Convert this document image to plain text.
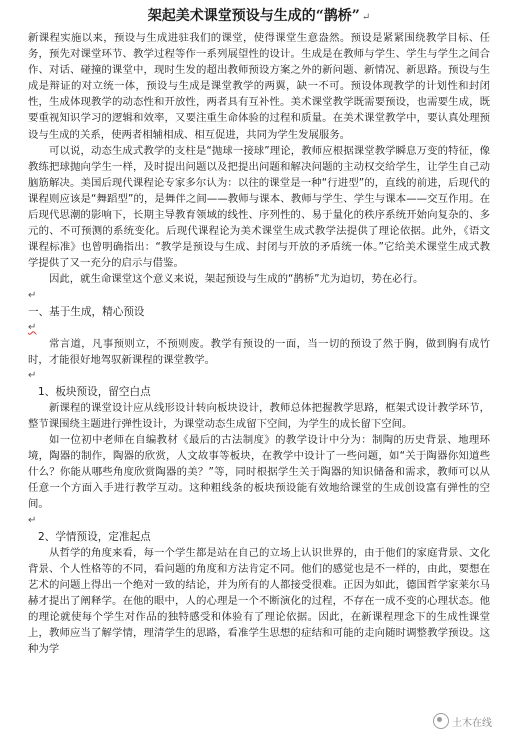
架起美术课堂预设与生成的“鹊桥” ↵

新课程实施以来，预设与生成进驻我们的课堂，使得课堂生意盎然。预设是紧紧围绕教学目标、任务，预先对课堂环节、教学过程等作一系列展望性的设计。生成是在教师与学生、学生与学生之间合作、对话、碰撞的课堂中，现时生发的超出教师预设方案之外的新问题、新情况、新思路。预设与生成是辩证的对立统一体，预设与生成是课堂教学的两翼，缺一不可。预设体现教学的计划性和封闭性，生成体现教学的动态性和开放性，两者具有互补性。美术课堂教学既需要预设，也需要生成，既要重视知识学习的逻辑和效率，又要注重生命体验的过程和质量。在美术课堂教学中，要认真处理预设与生成的关系，使两者相辅相成、相互促进，共同为学生发展服务。

可以说，动态生成式教学的支柱是“抛球一接球”理论，教师应根据课堂教学瞬息万变的特征，像教练把球抛向学生一样，及时提出问题以及把提出问题和解决问题的主动权交给学生，让学生自己动脑筋解决。美国后现代课程论专家多尔认为：以往的课堂是一种“行进型”的，直线的前进，后现代的课程则应该是“舞蹈型”的，是舞伴之间——教师与课本、教师与学生、学生与课本——交互作用。在后现代思潮的影响下，长期主导教育领域的线性、序列性的、易于量化的秩序系统开始向复杂的、多元的、不可预测的系统变化。后现代课程论为美术课堂生成式教学法提供了理论依据。此外，《语文课程标准》也曾明确指出：“教学是预设与生成、封闭与开放的矛盾统一体。”它给美术课堂生成式教学提供了又一充分的启示与借鉴。

因此，就生命课堂这个意义来说，架起预设与生成的“鹊桥”尤为迫切，势在必行。

↵

一、基于生成，精心预设

↵

常言道，凡事预则立，不预则废。教学有预设的一面，当一切的预设了然于胸，做到胸有成竹时，才能很好地驾驭新课程的课堂教学。

↵

1、板块预设，留空白点

新课程的课堂设计应从线形设计转向板块设计，教师总体把握教学思路，框架式设计教学环节，整节课围绕主题进行弹性设计，为课堂动态生成留下空间，为学生的成长留下空间。

如一位初中老师在自编教材《最后的古法制度》的教学设计中分为：制陶的历史背景、地理环境，陶器的制作，陶器的欣赏，人文故事等板块，在教学中设计了一些问题，如“关于陶器你知道些什么？你能从哪些角度欣赏陶器的美？”等，同时根据学生关于陶器的知识储备和需求，教师可以从任意一个方面入手进行教学互动。这种粗线条的板块预设能有效地给课堂的生成创设富有弹性的空间。

↵

2、学情预设，定准起点

从哲学的角度来看，每一个学生都是站在自己的立场上认识世界的，由于他们的家庭背景、文化背景、个人性格等的不同，看问题的角度和方法肯定不同。他们的感觉也是不一样的，由此，要想在艺术的问题上得出一个绝对一致的结论，并为所有的人都接受很难。正因为如此，德国哲学家莱尔马赫才提出了阐释学。在他的眼中，人的心理是一个不断演化的过程，不存在一成不变的心理状态。他的理论就使每个学生对作品的独特感受和体验有了理论依据。因此，在新课程理念下的生成性课堂上，教师应当了解学情，理清学生的思路，看准学生思想的症结和可能的走向随时调整教学预设。这种为学

土木在线
